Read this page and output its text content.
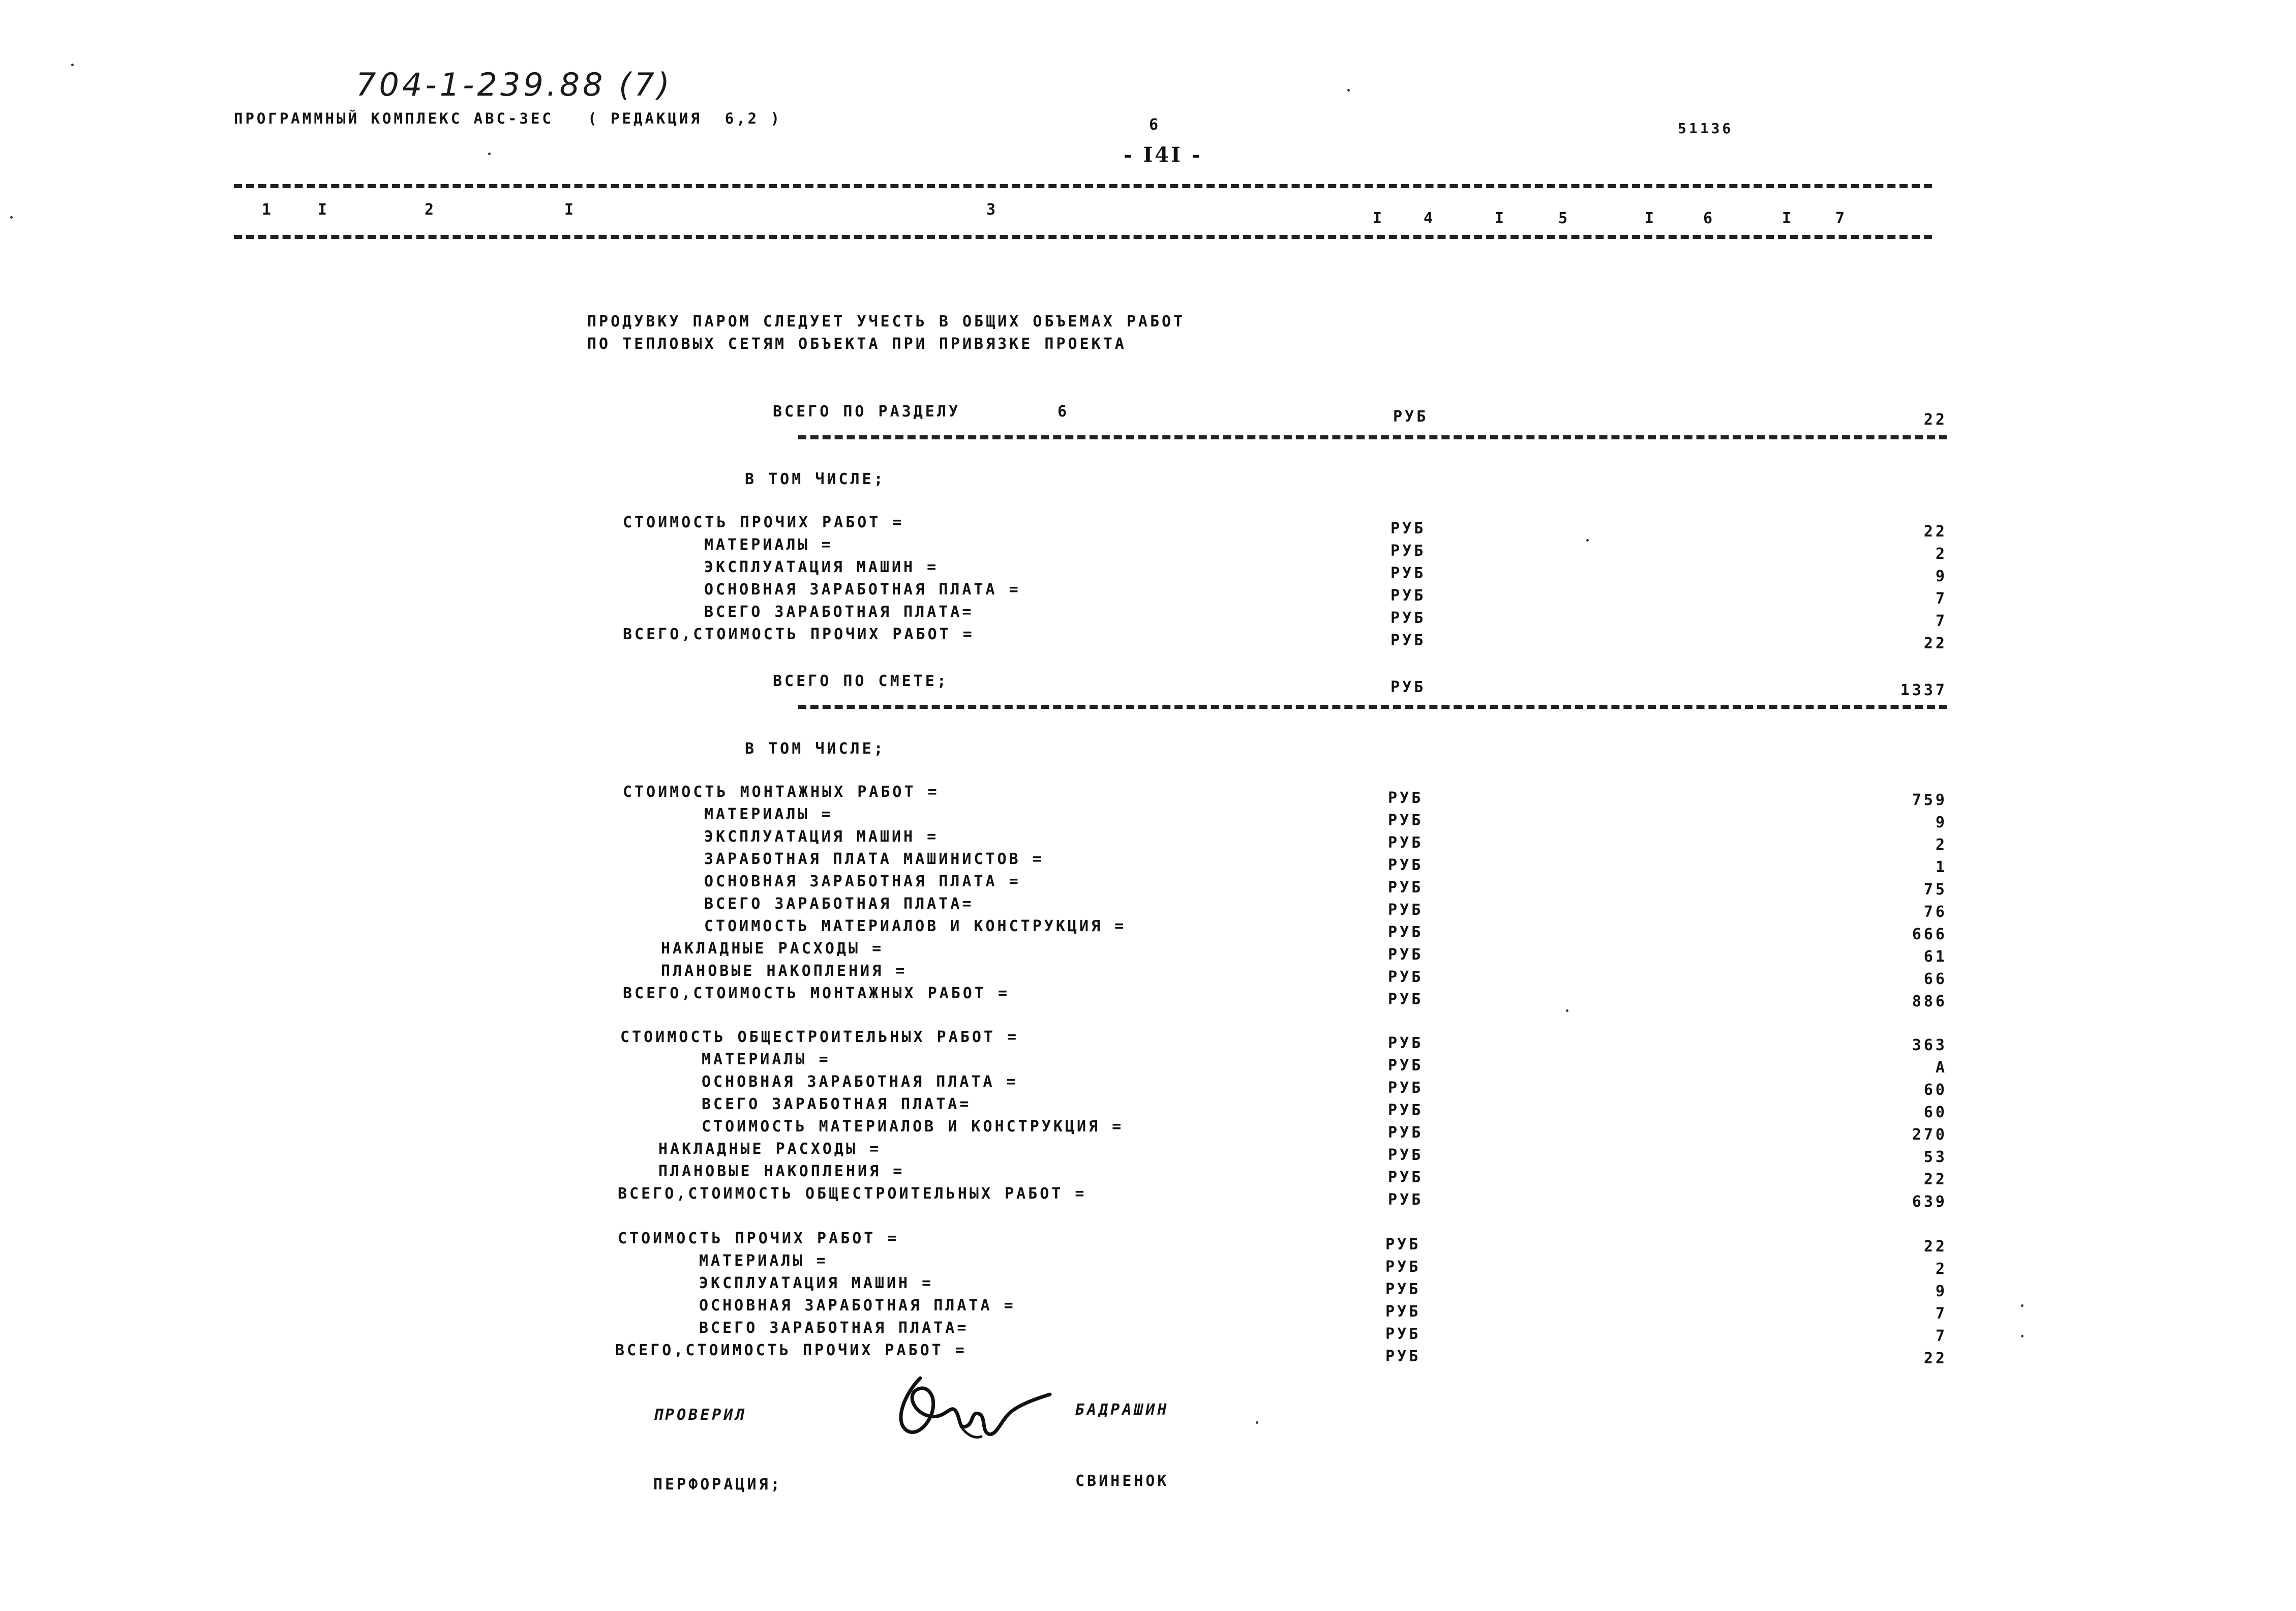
704-1-239.88 (7)
ПРОГРАММНЫЙ КОМПЛЕКС АВС-3ЕС   ( РЕДАКЦИЯ  6,2 )	6
- I4I -
51136
1	I	2	I	3	I	4	I	5	I	6	I	7
ПРОДУВКУ ПАРОМ СЛЕДУЕТ УЧЕСТЬ В ОБЩИХ ОБЪЕМАХ РАБОТ
ПО ТЕПЛОВЫХ СЕТЯМ ОБЪЕКТА ПРИ ПРИВЯЗКЕ ПРОЕКТА
ВСЕГО ПО РАЗДЕЛУ	6	РУБ	22
В ТОМ ЧИСЛЕ;
СТОИМОСТЬ ПРОЧИХ РАБОТ =	РУБ	22
МАТЕРИАЛЫ =	РУБ	2
ЭКСПЛУАТАЦИЯ МАШИН =	РУБ	9
ОСНОВНАЯ ЗАРАБОТНАЯ ПЛАТА =	РУБ	7
ВСЕГО ЗАРАБОТНАЯ ПЛАТА=	РУБ	7
ВСЕГО,СТОИМОСТЬ ПРОЧИХ РАБОТ =	РУБ	22
ВСЕГО ПО СМЕТЕ;	РУБ	1337
В ТОМ ЧИСЛЕ;
СТОИМОСТЬ МОНТАЖНЫХ РАБОТ =	РУБ	759
МАТЕРИАЛЫ =	РУБ	9
ЭКСПЛУАТАЦИЯ МАШИН =	РУБ	2
ЗАРАБОТНАЯ ПЛАТА МАШИНИСТОВ =	РУБ	1
ОСНОВНАЯ ЗАРАБОТНАЯ ПЛАТА =	РУБ	75
ВСЕГО ЗАРАБОТНАЯ ПЛАТА=	РУБ	76
СТОИМОСТЬ МАТЕРИАЛОВ И КОНСТРУКЦИЯ =	РУБ	666
НАКЛАДНЫЕ РАСХОДЫ =	РУБ	61
ПЛАНОВЫЕ НАКОПЛЕНИЯ =	РУБ	66
ВСЕГО,СТОИМОСТЬ МОНТАЖНЫХ РАБОТ =	РУБ	886
СТОИМОСТЬ ОБЩЕСТРОИТЕЛЬНЫХ РАБОТ =	РУБ	363
МАТЕРИАЛЫ =	РУБ	А
ОСНОВНАЯ ЗАРАБОТНАЯ ПЛАТА =	РУБ	60
ВСЕГО ЗАРАБОТНАЯ ПЛАТА=	РУБ	60
СТОИМОСТЬ МАТЕРИАЛОВ И КОНСТРУКЦИЯ =	РУБ	270
НАКЛАДНЫЕ РАСХОДЫ =	РУБ	53
ПЛАНОВЫЕ НАКОПЛЕНИЯ =	РУБ	22
ВСЕГО,СТОИМОСТЬ ОБЩЕСТРОИТЕЛЬНЫХ РАБОТ =	РУБ	639
СТОИМОСТЬ ПРОЧИХ РАБОТ =	РУБ	22
МАТЕРИАЛЫ =	РУБ	2
ЭКСПЛУАТАЦИЯ МАШИН =	РУБ	9
ОСНОВНАЯ ЗАРАБОТНАЯ ПЛАТА =	РУБ	7
ВСЕГО ЗАРАБОТНАЯ ПЛАТА=	РУБ	7
ВСЕГО,СТОИМОСТЬ ПРОЧИХ РАБОТ =	РУБ	22
ПРОВЕРИЛ	БАДРАШИН
ПЕРФОРАЦИЯ;	СВИНЕНОК
